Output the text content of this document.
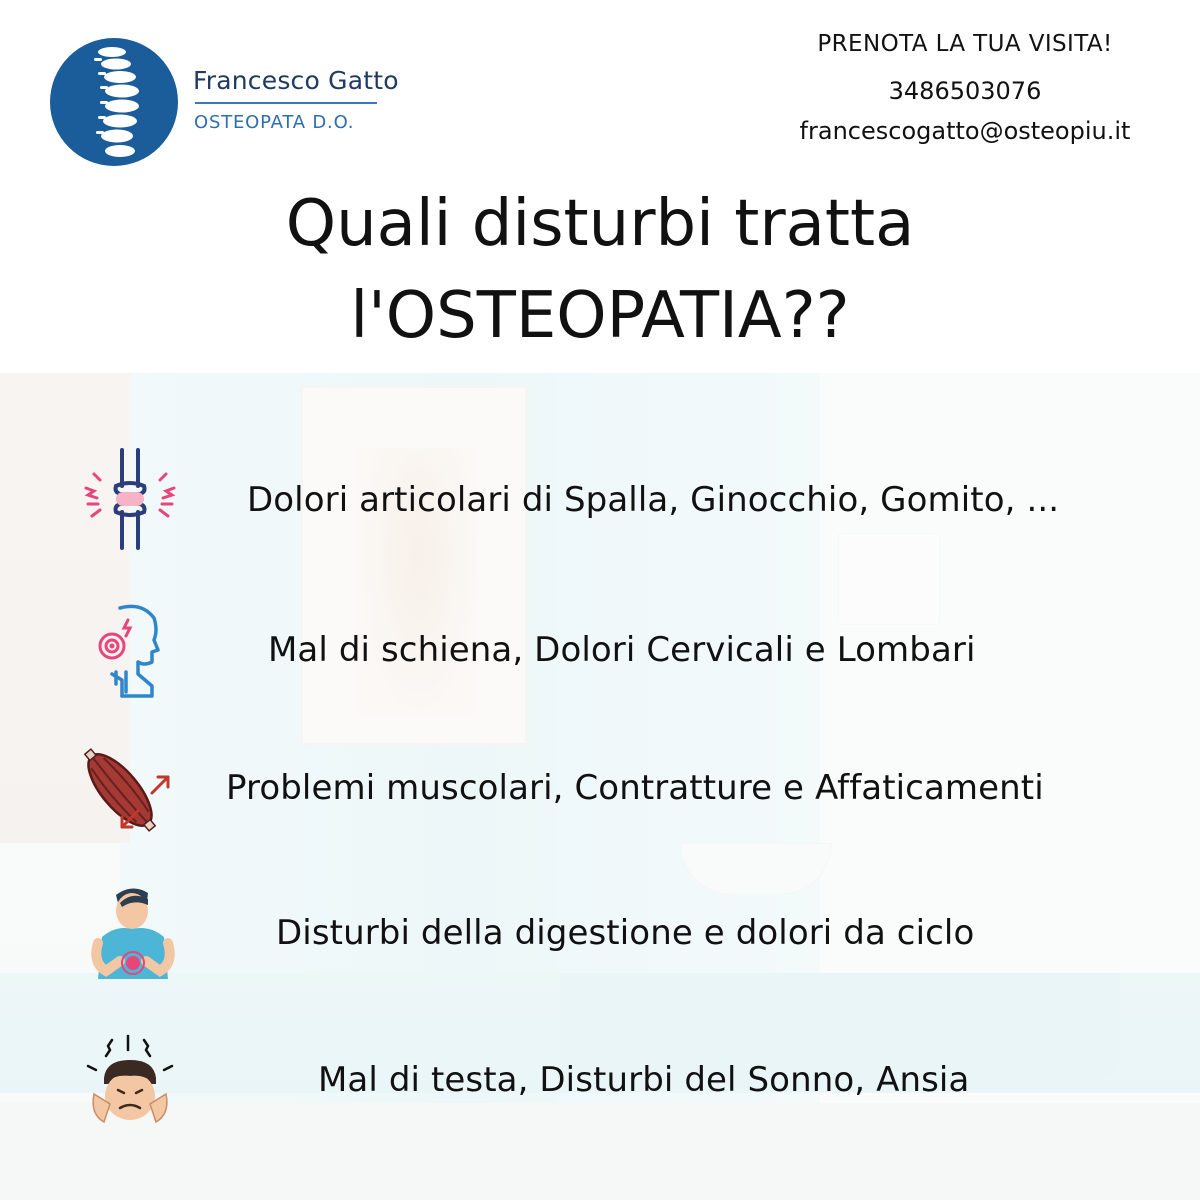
Francesco Gatto
OSTEOPATA D.O.
PRENOTA LA TUA VISITA!
3486503076
francescogatto@osteopiu.it
Quali disturbi tratta
l'OSTEOPATIA??
Dolori articolari di Spalla, Ginocchio, Gomito, ...
Mal di schiena, Dolori Cervicali e Lombari
Problemi muscolari, Contratture e Affaticamenti
Disturbi della digestione e dolori da ciclo
Mal di testa, Disturbi del Sonno, Ansia
